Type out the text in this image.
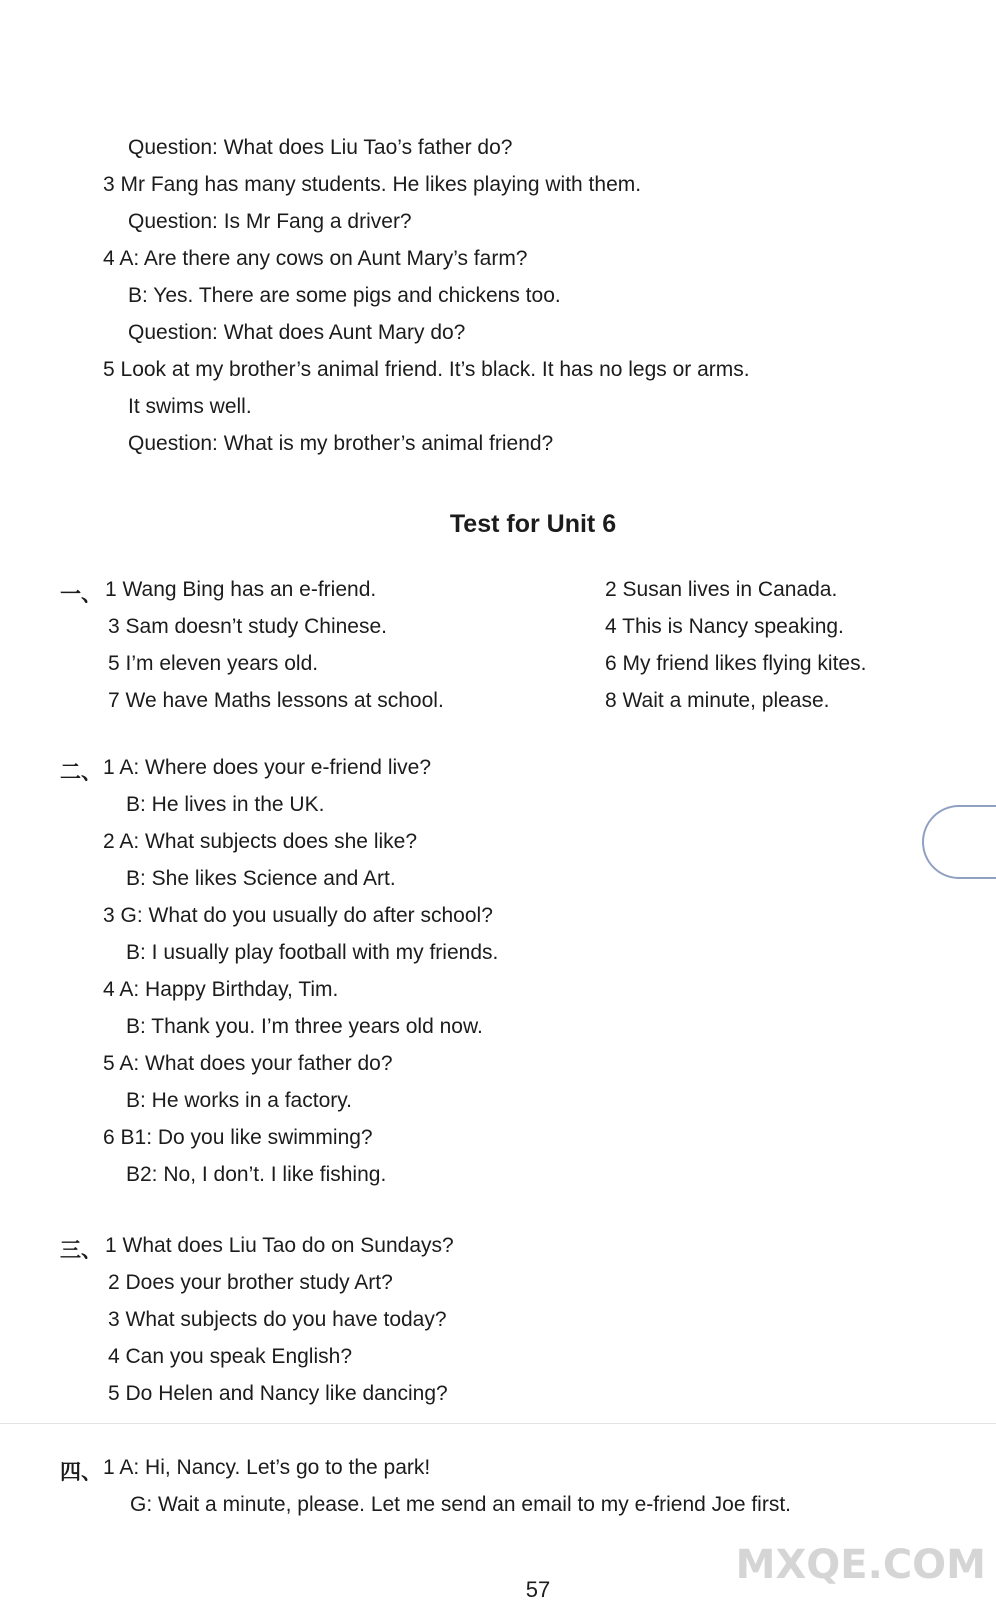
Question: What does Liu Tao’s father do?
3 Mr Fang has many students. He likes playing with them.
Question: Is Mr Fang a driver?
4 A: Are there any cows on Aunt Mary’s farm?
B: Yes. There are some pigs and chickens too.
Question: What does Aunt Mary do?
5 Look at my brother’s animal friend. It’s black. It has no legs or arms.
It swims well.
Question: What is my brother’s animal friend?
Test for Unit 6
一、 1 Wang Bing has an e-friend.
3 Sam doesn’t study Chinese.
5 I’m eleven years old.
7 We have Maths lessons at school.
2 Susan lives in Canada.
4 This is Nancy speaking.
6 My friend likes flying kites.
8 Wait a minute, please.
二、 1 A: Where does your e-friend live?
B: He lives in the UK.
2 A: What subjects does she like?
B: She likes Science and Art.
3 G: What do you usually do after school?
B: I usually play football with my friends.
4 A: Happy Birthday, Tim.
B: Thank you. I’m three years old now.
5 A: What does your father do?
B: He works in a factory.
6 B1: Do you like swimming?
B2: No, I don’t. I like fishing.
三、 1 What does Liu Tao do on Sundays?
2 Does your brother study Art?
3 What subjects do you have today?
4 Can you speak English?
5 Do Helen and Nancy like dancing?
四、 1 A: Hi, Nancy. Let’s go to the park!
G: Wait a minute, please. Let me send an email to my e-friend Joe first.
57
MXQE.COM
